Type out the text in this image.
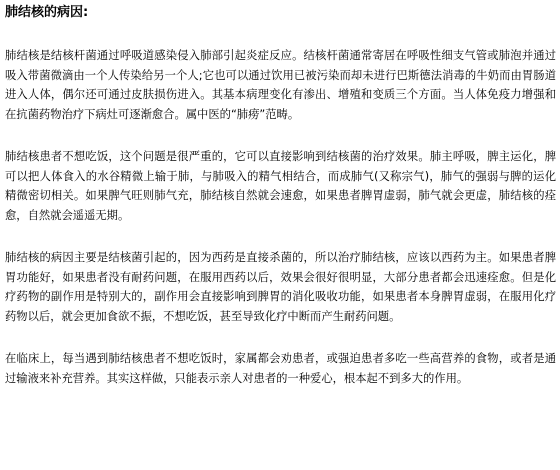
肺结核的病因:

肺结核是结核杆菌通过呼吸道感染侵入肺部引起炎症反应。结核杆菌通常寄居在呼吸性细支气管或肺泡并通过吸入带菌微滴由一个人传染给另一个人;它也可以通过饮用已被污染而却未进行巴斯德法消毒的牛奶而由胃肠道进入人体，偶尔还可通过皮肤损伤进入。其基本病理变化有渗出、增殖和变质三个方面。当人体免疫力增强和在抗菌药物治疗下病灶可逐渐愈合。属中医的“肺痨”范畴。

肺结核患者不想吃饭，这个问题是很严重的，它可以直接影响到结核菌的治疗效果。肺主呼吸，脾主运化，脾可以把人体食入的水谷精微上输于肺，与肺吸入的精气相结合，而成肺气(又称宗气)，肺气的强弱与脾的运化精微密切相关。如果脾气旺则肺气充，肺结核自然就会速愈，如果患者脾胃虚弱，肺气就会更虚，肺结核的痊愈，自然就会遥遥无期。

肺结核的病因主要是结核菌引起的，因为西药是直接杀菌的，所以治疗肺结核，应该以西药为主。如果患者脾胃功能好，如果患者没有耐药问题，在服用西药以后，效果会很好很明显，大部分患者都会迅速痊愈。但是化疗药物的副作用是特别大的，副作用会直接影响到脾胃的消化吸收功能，如果患者本身脾胃虚弱，在服用化疗药物以后，就会更加食欲不振，不想吃饭，甚至导致化疗中断而产生耐药问题。

在临床上，每当遇到肺结核患者不想吃饭时，家属都会劝患者，或强迫患者多吃一些高营养的食物，或者是通过输液来补充营养。其实这样做，只能表示亲人对患者的一种爱心，根本起不到多大的作用。
